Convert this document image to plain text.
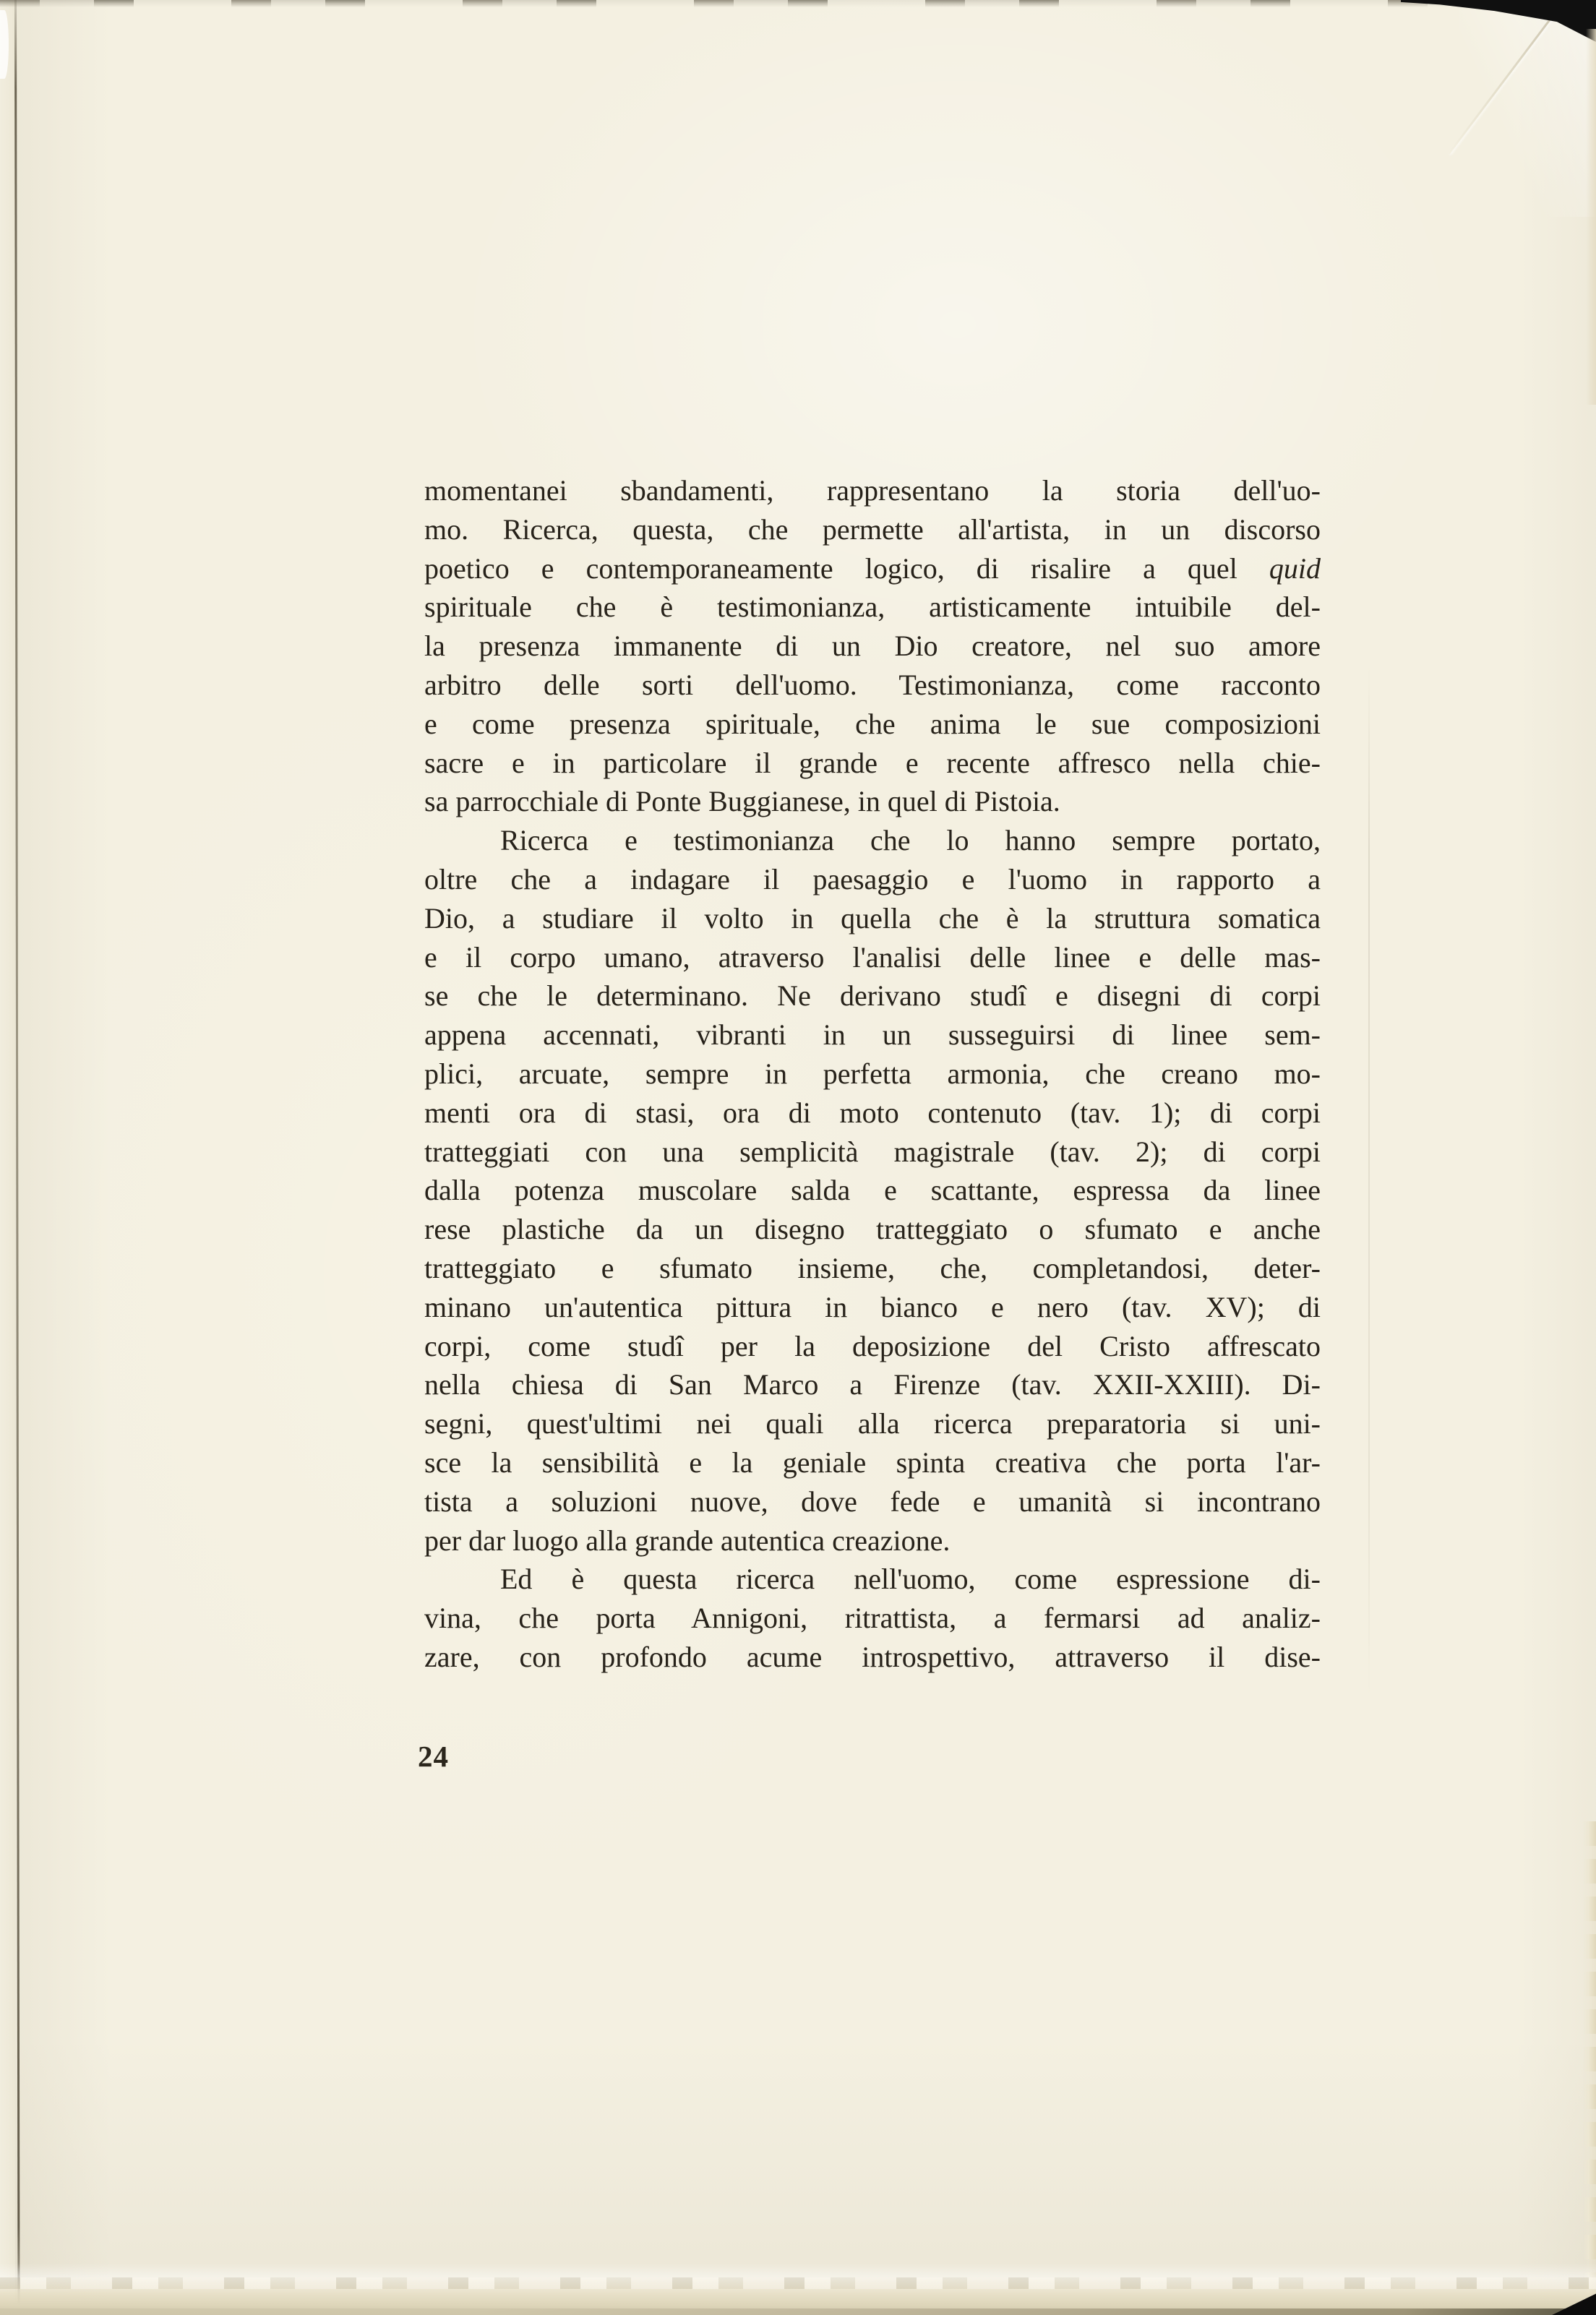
momentanei sbandamenti, rappresentano la storia dell'uo-
mo. Ricerca, questa, che permette all'artista, in un discorso
poetico e contemporaneamente logico, di risalire a quel quid
spirituale che è testimonianza, artisticamente intuibile del-
la presenza immanente di un Dio creatore, nel suo amore
arbitro delle sorti dell'uomo. Testimonianza, come racconto
e come presenza spirituale, che anima le sue composizioni
sacre e in particolare il grande e recente affresco nella chie-
sa parrocchiale di Ponte Buggianese, in quel di Pistoia.
Ricerca e testimonianza che lo hanno sempre portato,
oltre che a indagare il paesaggio e l'uomo in rapporto a
Dio, a studiare il volto in quella che è la struttura somatica
e il corpo umano, atraverso l'analisi delle linee e delle mas-
se che le determinano. Ne derivano studî e disegni di corpi
appena accennati, vibranti in un susseguirsi di linee sem-
plici, arcuate, sempre in perfetta armonia, che creano mo-
menti ora di stasi, ora di moto contenuto (tav. 1); di corpi
tratteggiati con una semplicità magistrale (tav. 2); di corpi
dalla potenza muscolare salda e scattante, espressa da linee
rese plastiche da un disegno tratteggiato o sfumato e anche
tratteggiato e sfumato insieme, che, completandosi, deter-
minano un'autentica pittura in bianco e nero (tav. XV); di
corpi, come studî per la deposizione del Cristo affrescato
nella chiesa di San Marco a Firenze (tav. XXII-XXIII). Di-
segni, quest'ultimi nei quali alla ricerca preparatoria si uni-
sce la sensibilità e la geniale spinta creativa che porta l'ar-
tista a soluzioni nuove, dove fede e umanità si incontrano
per dar luogo alla grande autentica creazione.
Ed è questa ricerca nell'uomo, come espressione di-
vina, che porta Annigoni, ritrattista, a fermarsi ad analiz-
zare, con profondo acume introspettivo, attraverso il dise-
24
